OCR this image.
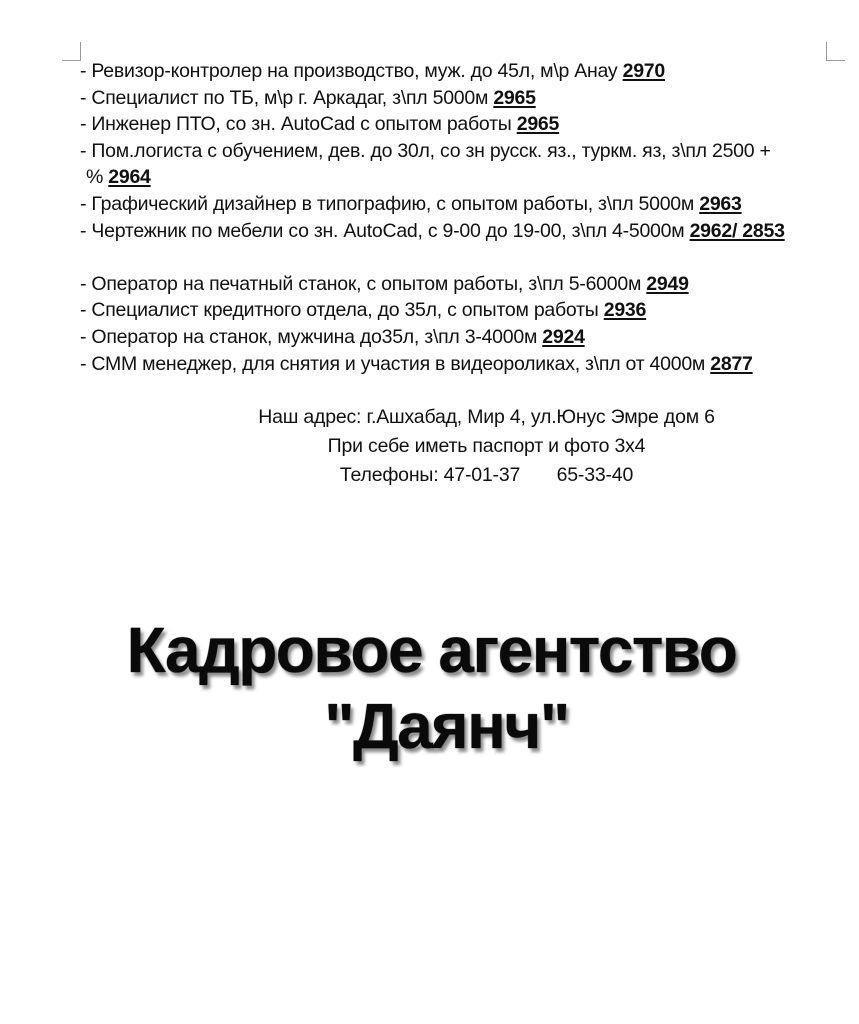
- Ревизор-контролер на производство, муж. до 45л, м\р Анау 2970
- Специалист по ТБ, м\р г. Аркадаг, з\пл 5000м 2965
- Инженер ПТО, со зн. AutoCad с опытом работы 2965
- Пом.логиста с обучением, дев. до 30л, со зн русск. яз., туркм. яз, з\пл 2500 +
% 2964
- Графический дизайнер в типографию, с опытом работы, з\пл 5000м 2963
- Чертежник по мебели со зн. AutoCad, с 9-00 до 19-00, з\пл 4-5000м 2962/ 2853
- Оператор на печатный станок, с опытом работы, з\пл 5-6000м 2949
- Специалист кредитного отдела, до 35л, с опытом работы 2936
- Оператор на станок, мужчина до35л, з\пл 3-4000м 2924
- СММ менеджер, для снятия и участия в видеороликах, з\пл от 4000м 2877
Наш адрес: г.Ашхабад, Мир 4, ул.Юнус Эмре дом 6
При себе иметь паспорт и фото 3х4
Телефоны: 47-01-37       65-33-40
Кадровое агентство
"Даянч"
